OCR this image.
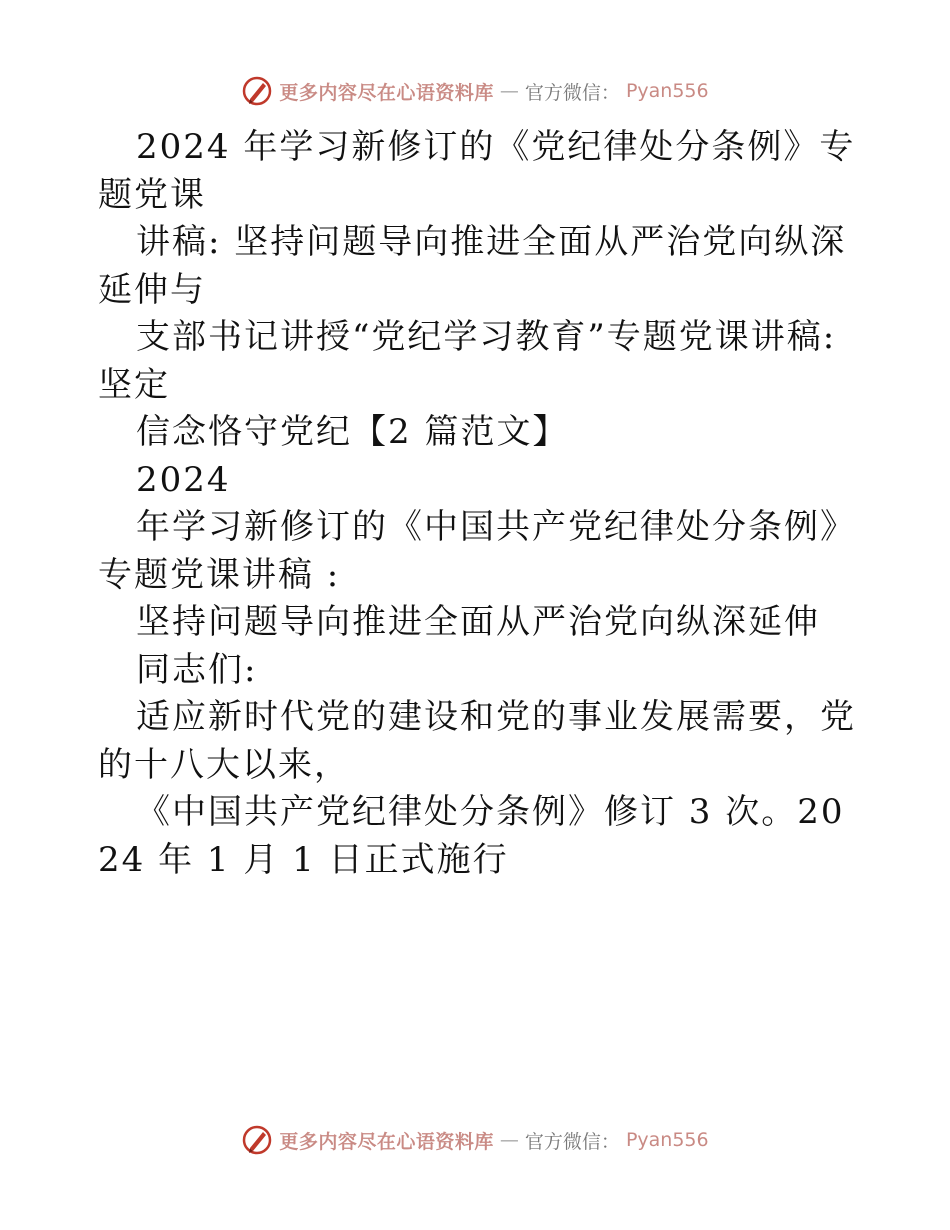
更多内容尽在心语资料库 — 官方微信： Pyan556

2024 年学习新修订的《党纪律处分条例》专题党课

讲稿: 坚持问题导向推进全面从严治党向纵深延伸与

支部书记讲授“党纪学习教育”专题党课讲稿: 坚定

信念恪守党纪【2 篇范文】

2024

年学习新修订的《中国共产党纪律处分条例》专题党课讲稿 :

坚持问题导向推进全面从严治党向纵深延伸

同志们:

适应新时代党的建设和党的事业发展需要，党的十八大以来，

《中国共产党纪律处分条例》修订 3 次。2024 年 1 月 1 日正式施行

更多内容尽在心语资料库 — 官方微信： Pyan556
